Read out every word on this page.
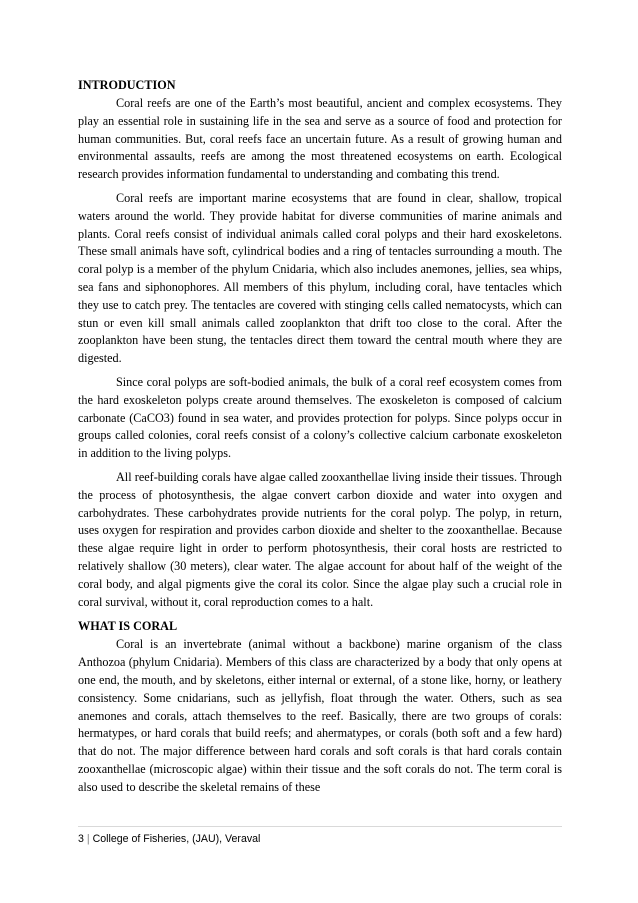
INTRODUCTION

Coral reefs are one of the Earth’s most beautiful, ancient and complex ecosystems. They play an essential role in sustaining life in the sea and serve as a source of food and protection for human communities. But, coral reefs face an uncertain future. As a result of growing human and environmental assaults, reefs are among the most threatened ecosystems on earth. Ecological research provides information fundamental to understanding and combating this trend.

Coral reefs are important marine ecosystems that are found in clear, shallow, tropical waters around the world. They provide habitat for diverse communities of marine animals and plants. Coral reefs consist of individual animals called coral polyps and their hard exoskeletons. These small animals have soft, cylindrical bodies and a ring of tentacles surrounding a mouth. The coral polyp is a member of the phylum Cnidaria, which also includes anemones, jellies, sea whips, sea fans and siphonophores. All members of this phylum, including coral, have tentacles which they use to catch prey. The tentacles are covered with stinging cells called nematocysts, which can stun or even kill small animals called zooplankton that drift too close to the coral. After the zooplankton have been stung, the tentacles direct them toward the central mouth where they are digested.

Since coral polyps are soft-bodied animals, the bulk of a coral reef ecosystem comes from the hard exoskeleton polyps create around themselves. The exoskeleton is composed of calcium carbonate (CaCO3) found in sea water, and provides protection for polyps. Since polyps occur in groups called colonies, coral reefs consist of a colony’s collective calcium carbonate exoskeleton in addition to the living polyps.

All reef-building corals have algae called zooxanthellae living inside their tissues. Through the process of photosynthesis, the algae convert carbon dioxide and water into oxygen and carbohydrates. These carbohydrates provide nutrients for the coral polyp. The polyp, in return, uses oxygen for respiration and provides carbon dioxide and shelter to the zooxanthellae. Because these algae require light in order to perform photosynthesis, their coral hosts are restricted to relatively shallow (30 meters), clear water. The algae account for about half of the weight of the coral body, and algal pigments give the coral its color. Since the algae play such a crucial role in coral survival, without it, coral reproduction comes to a halt.

WHAT IS CORAL

Coral is an invertebrate (animal without a backbone) marine organism of the class Anthozoa (phylum Cnidaria). Members of this class are characterized by a body that only opens at one end, the mouth, and by skeletons, either internal or external, of a stone like, horny, or leathery consistency. Some cnidarians, such as jellyfish, float through the water. Others, such as sea anemones and corals, attach themselves to the reef. Basically, there are two groups of corals: hermatypes, or hard corals that build reefs; and ahermatypes, or corals (both soft and a few hard) that do not. The major difference between hard corals and soft corals is that hard corals contain zooxanthellae (microscopic algae) within their tissue and the soft corals do not. The term coral is also used to describe the skeletal remains of these

3 | College of Fisheries, (JAU), Veraval
